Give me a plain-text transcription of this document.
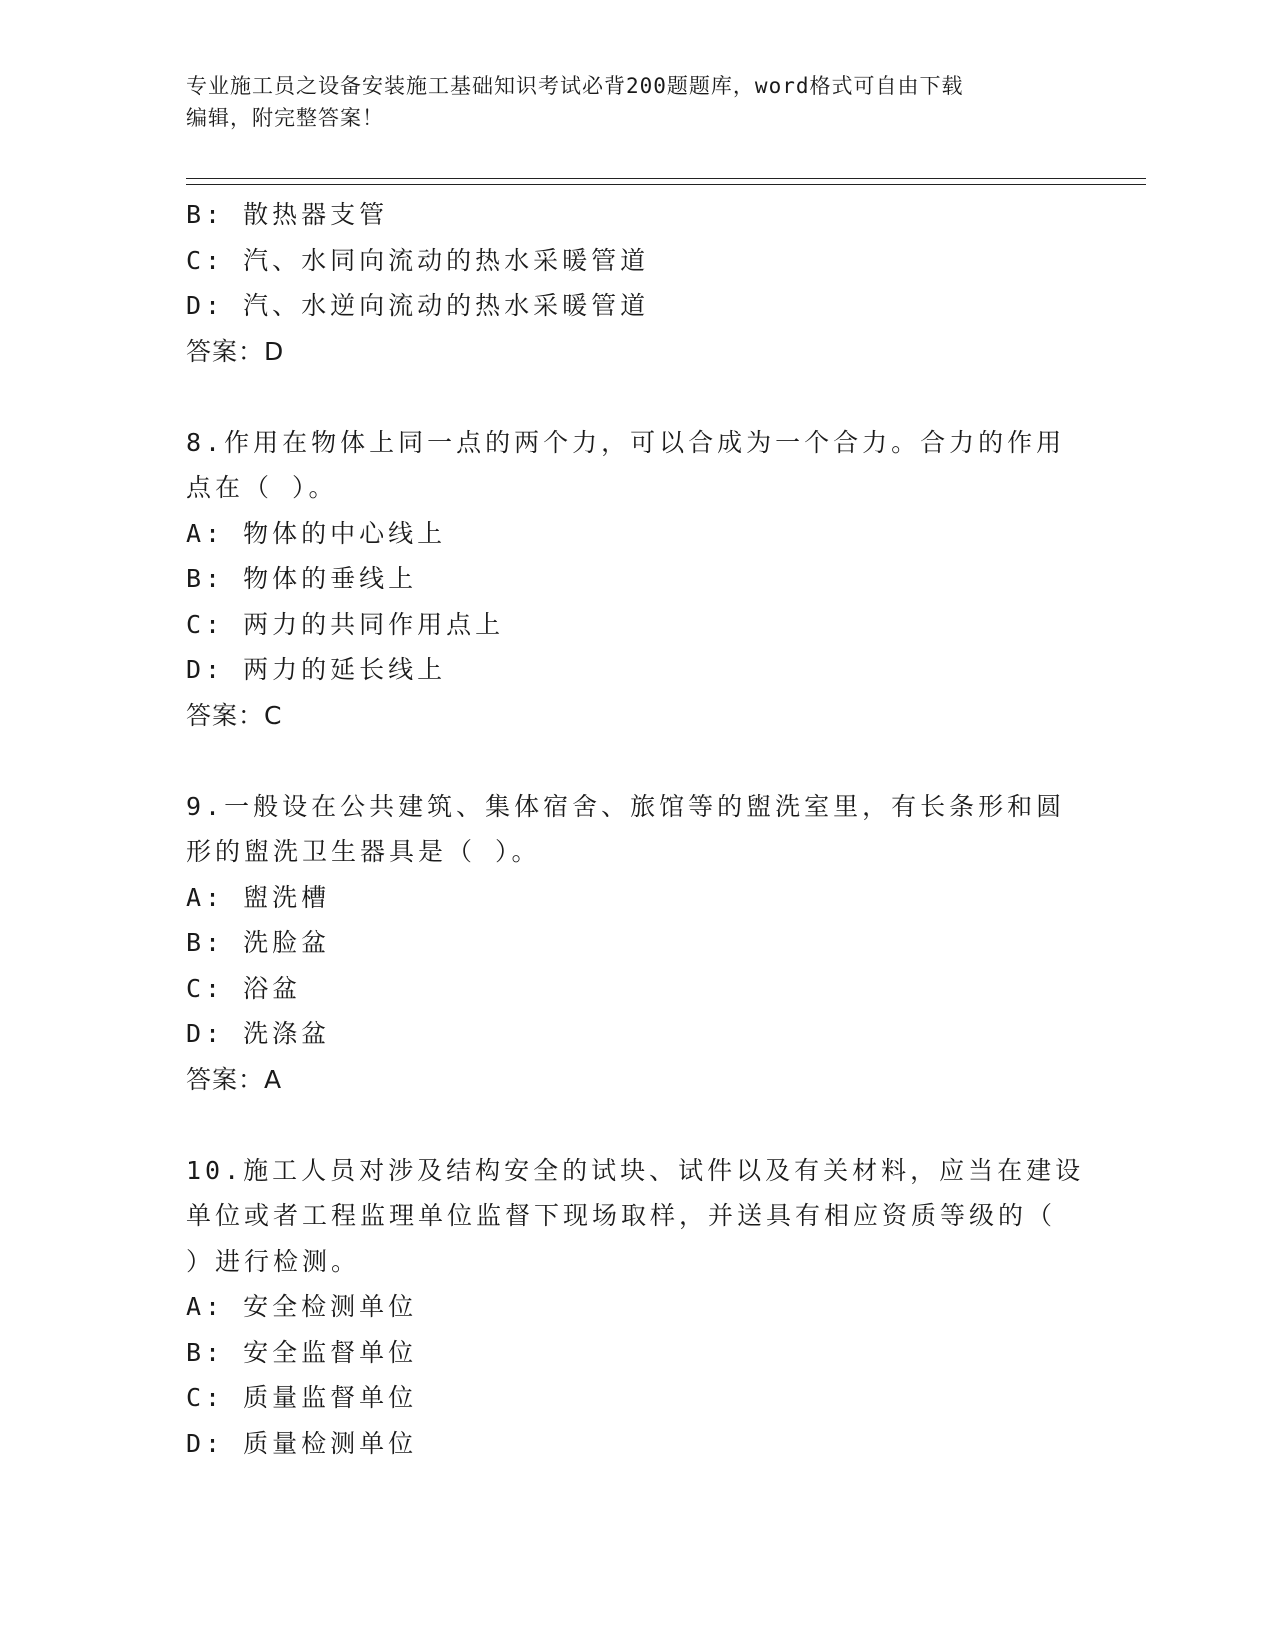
专业施工员之设备安装施工基础知识考试必背200题题库，word格式可自由下载
编辑，附完整答案！
B: 散热器支管
C: 汽、水同向流动的热水采暖管道
D: 汽、水逆向流动的热水采暖管道
答案：D
8.作用在物体上同一点的两个力，可以合成为一个合力。合力的作用
点在（ ）。
A: 物体的中心线上
B: 物体的垂线上
C: 两力的共同作用点上
D: 两力的延长线上
答案：C
9.一般设在公共建筑、集体宿舍、旅馆等的盥洗室里，有长条形和圆
形的盥洗卫生器具是（ ）。
A: 盥洗槽
B: 洗脸盆
C: 浴盆
D: 洗涤盆
答案：A
10.施工人员对涉及结构安全的试块、试件以及有关材料，应当在建设
单位或者工程监理单位监督下现场取样，并送具有相应资质等级的（
）进行检测。
A: 安全检测单位
B: 安全监督单位
C: 质量监督单位
D: 质量检测单位
